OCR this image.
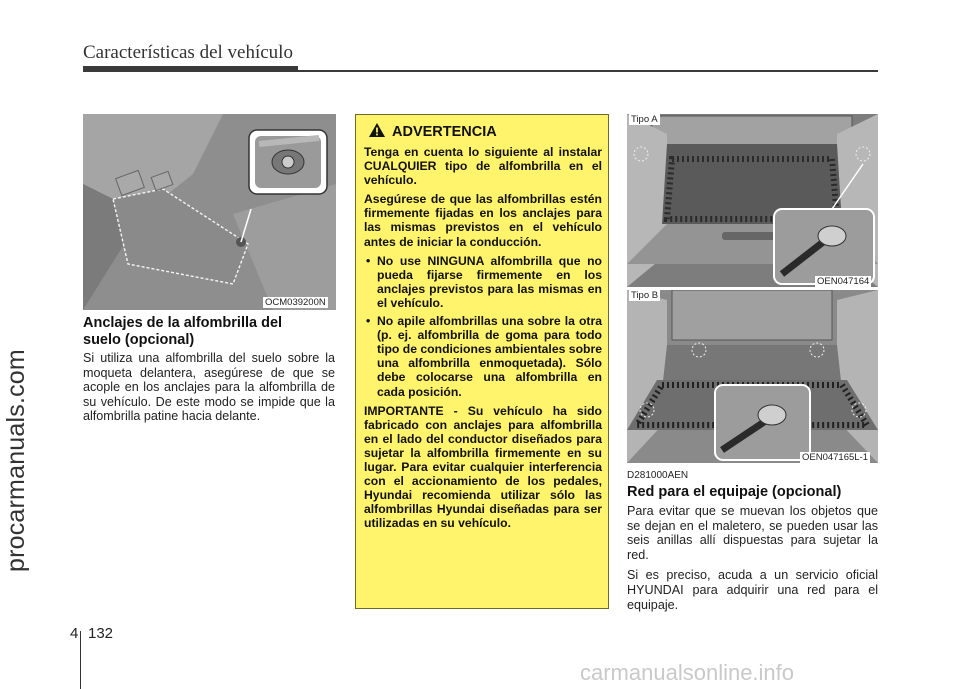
Características del vehículo
procarmanuals.com
OCM039200N
Anclajes de la alfombrilla del suelo (opcional)

Si utiliza una alfombrilla del suelo sobre la moqueta delantera, asegúrese de que se acople en los anclajes para la alfombrilla de su vehículo. De este modo se impide que la alfombrilla patine hacia delante.

ADVERTENCIA

Tenga en cuenta lo siguiente al instalar CUALQUIER tipo de alfombrilla en el vehículo.

Asegúrese de que las alfombrillas estén firmemente fijadas en los anclajes para las mismas previstos en el vehículo antes de iniciar la conducción.

• No use NINGUNA alfombrilla que no pueda fijarse firmemente en los anclajes previstos para las mismas en el vehículo.
• No apile alfombrillas una sobre la otra (p. ej. alfombrilla de goma para todo tipo de condiciones ambientales sobre una alfombrilla enmoquetada). Sólo debe colocarse una alfombrilla en cada posición.

IMPORTANTE - Su vehículo ha sido fabricado con anclajes para alfombrilla en el lado del conductor diseñados para sujetar la alfombrilla firmemente en su lugar. Para evitar cualquier interferencia con el accionamiento de los pedales, Hyundai recomienda utilizar sólo las alfombrillas Hyundai diseñadas para ser utilizadas en su vehículo.

Tipo A
OEN047164
Tipo B
OEN047165L-1
D281000AEN
Red para el equipaje (opcional)

Para evitar que se muevan los objetos que se dejan en el maletero, se pueden usar las seis anillas allí dispuestas para sujetar la red.

Si es preciso, acuda a un servicio oficial HYUNDAI para adquirir una red para el equipaje.

4 132
carmanualsonline.info
